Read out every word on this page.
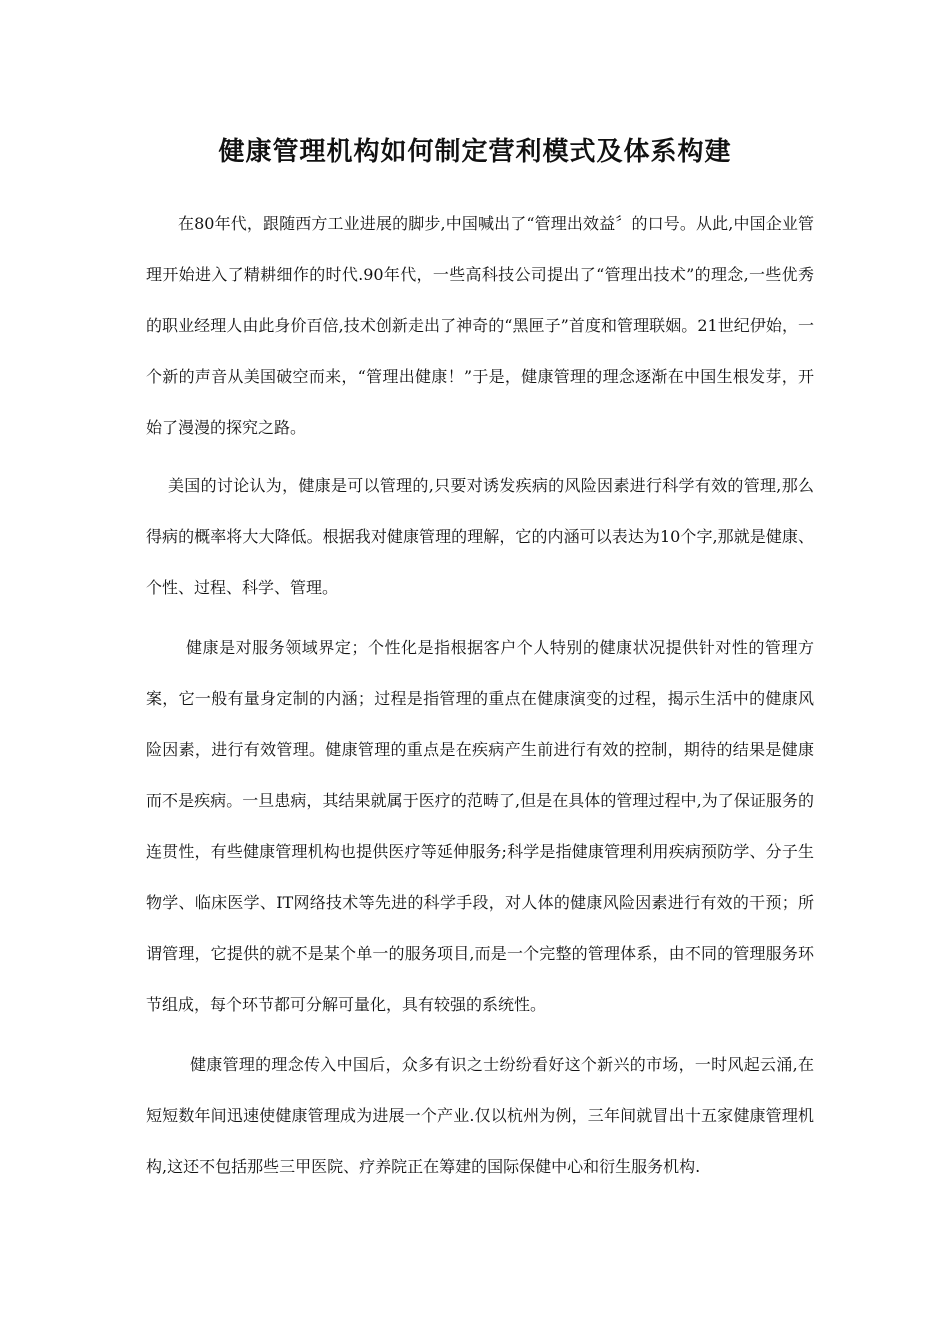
健康管理机构如何制定营利模式及体系构建

在80年代，跟随西方工业进展的脚步,中国喊出了“管理出效益〞的口号。从此,中国企业管理开始进入了精耕细作的时代.90年代，一些高科技公司提出了“管理出技术”的理念,一些优秀的职业经理人由此身价百倍,技术创新走出了神奇的“黑匣子”首度和管理联姻。21世纪伊始，一个新的声音从美国破空而来，“管理出健康！”于是，健康管理的理念逐渐在中国生根发芽，开始了漫漫的探究之路。

美国的讨论认为，健康是可以管理的,只要对诱发疾病的风险因素进行科学有效的管理,那么得病的概率将大大降低。根据我对健康管理的理解，它的内涵可以表达为10个字,那就是健康、个性、过程、科学、管理。

健康是对服务领域界定；个性化是指根据客户个人特别的健康状况提供针对性的管理方案，它一般有量身定制的内涵；过程是指管理的重点在健康演变的过程，揭示生活中的健康风险因素，进行有效管理。健康管理的重点是在疾病产生前进行有效的控制，期待的结果是健康而不是疾病。一旦患病，其结果就属于医疗的范畴了,但是在具体的管理过程中,为了保证服务的连贯性，有些健康管理机构也提供医疗等延伸服务;科学是指健康管理利用疾病预防学、分子生物学、临床医学、IT网络技术等先进的科学手段，对人体的健康风险因素进行有效的干预；所谓管理，它提供的就不是某个单一的服务项目,而是一个完整的管理体系，由不同的管理服务环节组成，每个环节都可分解可量化，具有较强的系统性。

健康管理的理念传入中国后，众多有识之士纷纷看好这个新兴的市场，一时风起云涌,在短短数年间迅速使健康管理成为进展一个产业.仅以杭州为例，三年间就冒出十五家健康管理机构,这还不包括那些三甲医院、疗养院正在筹建的国际保健中心和衍生服务机构.
